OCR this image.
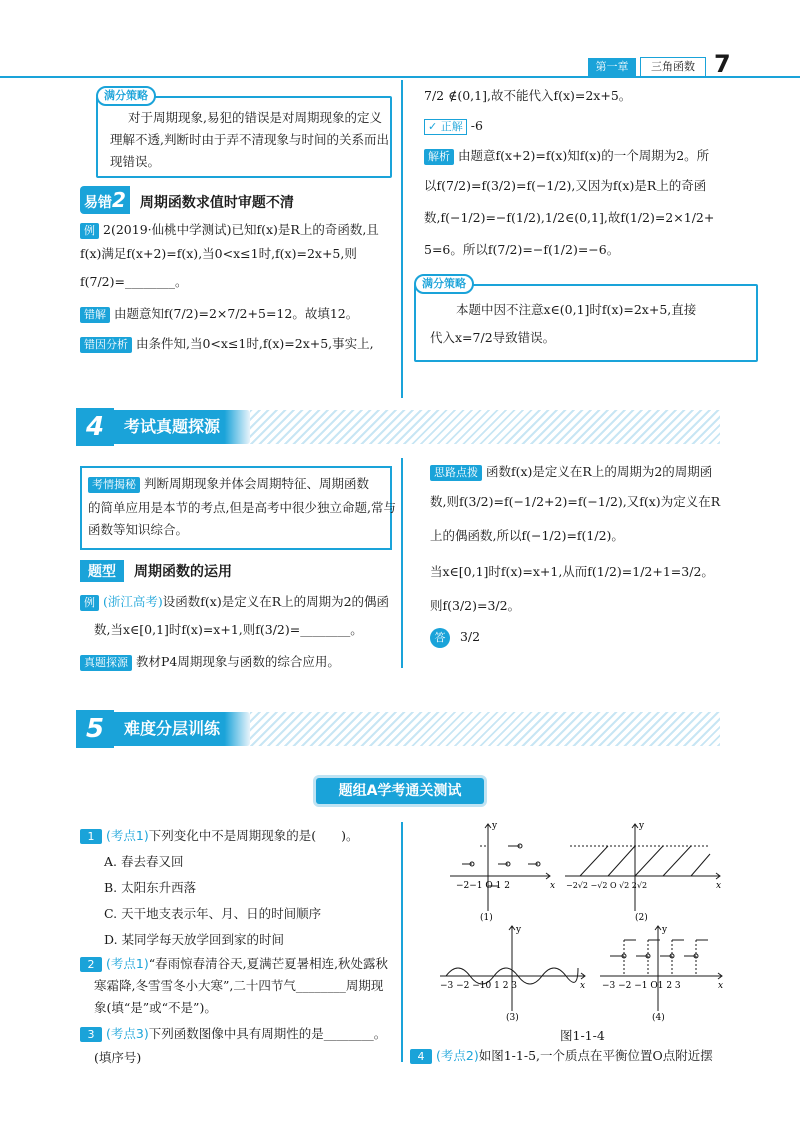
第一章	三角函数 7
满分策略
对于周期现象,易犯的错误是对周期现象的定义
理解不透,判断时由于弄不清现象与时间的关系而出
现错误。
易错2 周期函数求值时审题不清
例 2(2019·仙桃中学测试)已知f(x)是R上的奇函数,且
f(x)满足f(x+2)=f(x),当0<x≤1时,f(x)=2x+5,则
f(7/2)=________。
错解 由题意知f(7/2)=2×7/2+5=12。故填12。
错因分析 由条件知,当0<x≤1时,f(x)=2x+5,事实上,
7/2 ∉(0,1],故不能代入f(x)=2x+5。
✓ 正解 -6
解析 由题意f(x+2)=f(x)知f(x)的一个周期为2。所
以f(7/2)=f(3/2)=f(−1/2),又因为f(x)是R上的奇函
数,f(−1/2)=−f(1/2),1/2∈(0,1],故f(1/2)=2×1/2+
5=6。所以f(7/2)=−f(1/2)=−6。
满分策略
本题中因不注意x∈(0,1]时f(x)=2x+5,直接
代入x=7/2导致错误。
4	考试真题探源
考情揭秘 判断周期现象并体会周期特征、周期函数
的简单应用是本节的考点,但是高考中很少独立命题,常与
函数等知识综合。
题型 周期函数的运用
例 (浙江高考)设函数f(x)是定义在R上的周期为2的偶函
数,当x∈[0,1]时f(x)=x+1,则f(3/2)=________。
真题探源 教材P4周期现象与函数的综合应用。
思路点拨 函数f(x)是定义在R上的周期为2的周期函
数,则f(3/2)=f(−1/2+2)=f(−1/2),又f(x)为定义在R
上的偶函数,所以f(−1/2)=f(1/2)。
当x∈[0,1]时f(x)=x+1,从而f(1/2)=1/2+1=3/2。
则f(3/2)=3/2。
答 3/2
5	难度分层训练
题组A学考通关测试
1 (考点1)下列变化中不是周期现象的是(　　)。
A. 春去春又回
B. 太阳东升西落
C. 天干地支表示年、月、日的时间顺序
D. 某同学每天放学回到家的时间
2 (考点1)“春雨惊春清谷天,夏满芒夏暑相连,秋处露秋
寒霜降,冬雪雪冬小大寒”,二十四节气________周期现
象(填“是”或“不是”)。
3 (考点3)下列函数图像中具有周期性的是________。
(填序号)	4 (考点2)如图1-1-5,一个质点在平衡位置O点附近摆
y
x
−2−1 O 1 2
(1)
y
x
−2√2 −√2 O √2 2√2
(2)
y
x
−3 −2 −10 1 2 3
(3)
y
x
−3 −2 −1 O1 2 3
(4)
图1-1-4
